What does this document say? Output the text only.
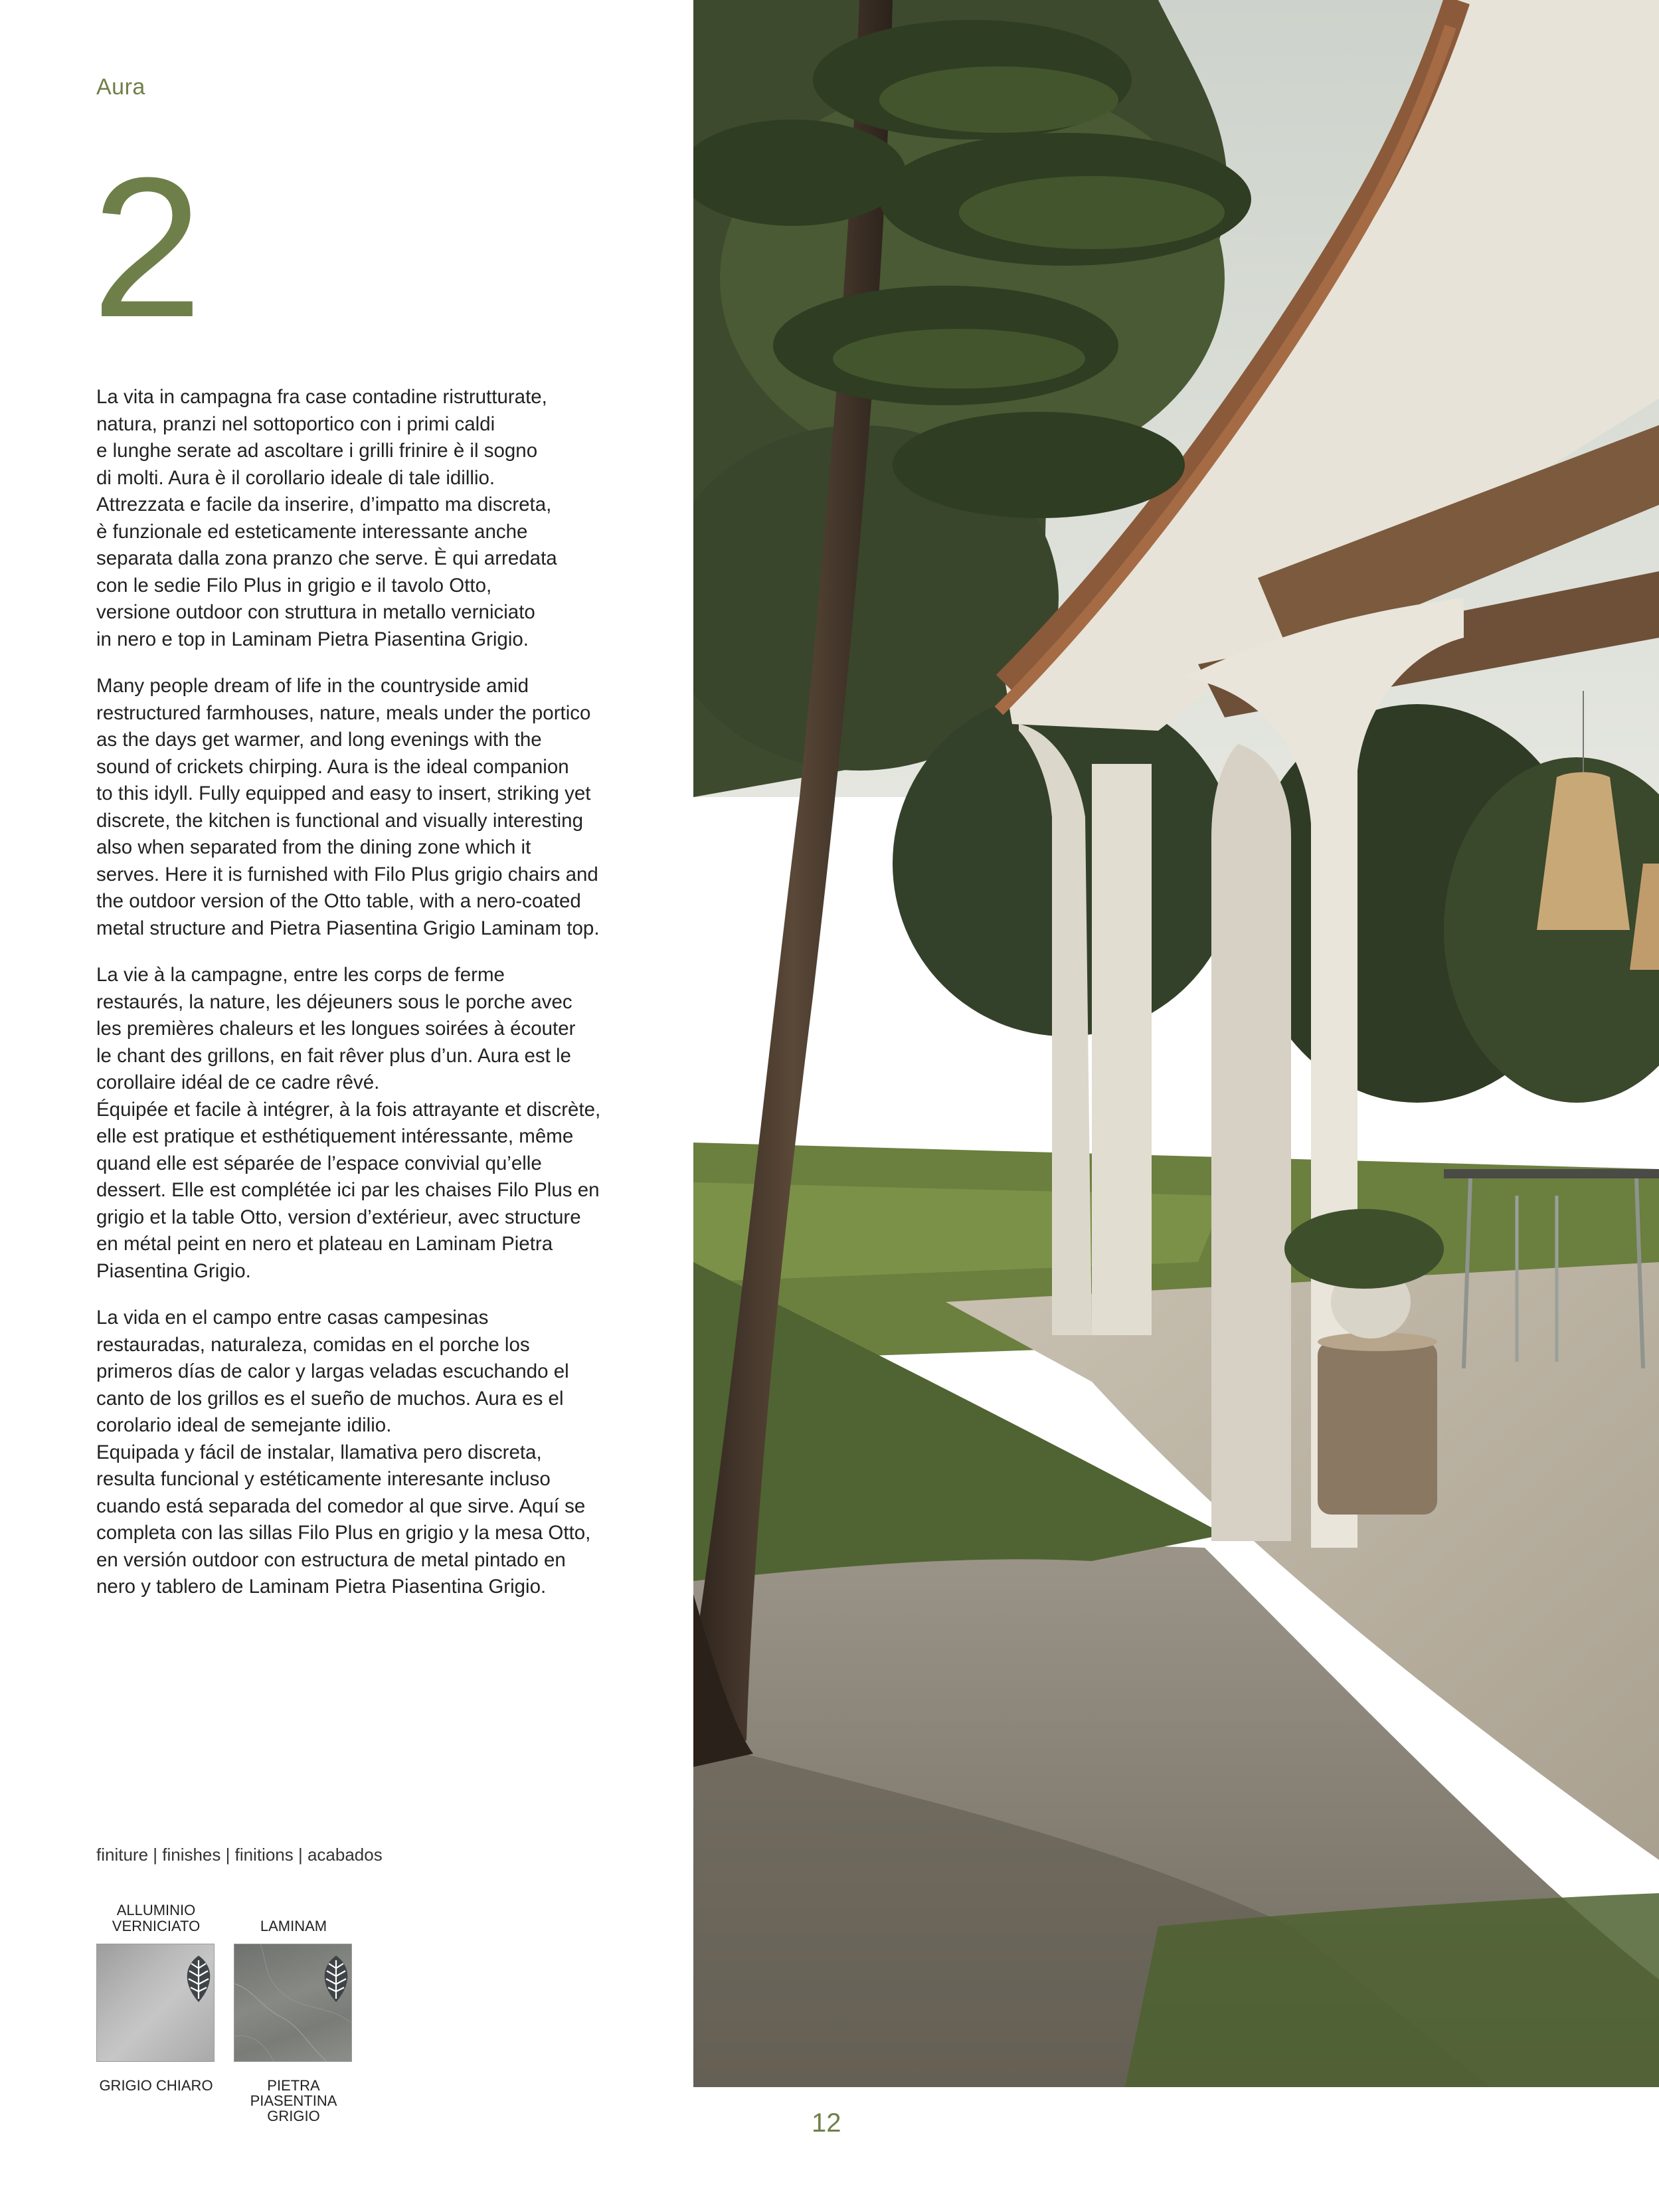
Aura
2

La vita in campagna fra case contadine ristrutturate,
natura, pranzi nel sottoportico con i primi caldi
e lunghe serate ad ascoltare i grilli frinire è il sogno
di molti. Aura è il corollario ideale di tale idillio.
Attrezzata e facile da inserire, d’impatto ma discreta,
è funzionale ed esteticamente interessante anche
separata dalla zona pranzo che serve. È qui arredata
con le sedie Filo Plus in grigio e il tavolo Otto,
versione outdoor con struttura in metallo verniciato
in nero e top in Laminam Pietra Piasentina Grigio.

Many people dream of life in the countryside amid
restructured farmhouses, nature, meals under the portico
as the days get warmer, and long evenings with the
sound of crickets chirping. Aura is the ideal companion
to this idyll. Fully equipped and easy to insert, striking yet
discrete, the kitchen is functional and visually interesting
also when separated from the dining zone which it
serves. Here it is furnished with Filo Plus grigio chairs and
the outdoor version of the Otto table, with a nero-coated
metal structure and Pietra Piasentina Grigio Laminam top.

La vie à la campagne, entre les corps de ferme
restaurés, la nature, les déjeuners sous le porche avec
les premières chaleurs et les longues soirées à écouter
le chant des grillons, en fait rêver plus d’un. Aura est le
corollaire idéal de ce cadre rêvé.
Équipée et facile à intégrer, à la fois attrayante et discrète,
elle est pratique et esthétiquement intéressante, même
quand elle est séparée de l’espace convivial qu’elle
dessert. Elle est complétée ici par les chaises Filo Plus en
grigio et la table Otto, version d’extérieur, avec structure
en métal peint en nero et plateau en Laminam Pietra
Piasentina Grigio.

La vida en el campo entre casas campesinas
restauradas, naturaleza, comidas en el porche los
primeros días de calor y largas veladas escuchando el
canto de los grillos es el sueño de muchos. Aura es el
corolario ideal de semejante idilio.
Equipada y fácil de instalar, llamativa pero discreta,
resulta funcional y estéticamente interesante incluso
cuando está separada del comedor al que sirve. Aquí se
completa con las sillas Filo Plus en grigio y la mesa Otto,
en versión outdoor con estructura de metal pintado en
nero y tablero de Laminam Pietra Piasentina Grigio.

finiture | finishes | finitions | acabados
ALLUMINIO
VERNICIATO
GRIGIO CHIARO
LAMINAM
PIETRA
PIASENTINA
GRIGIO	12
